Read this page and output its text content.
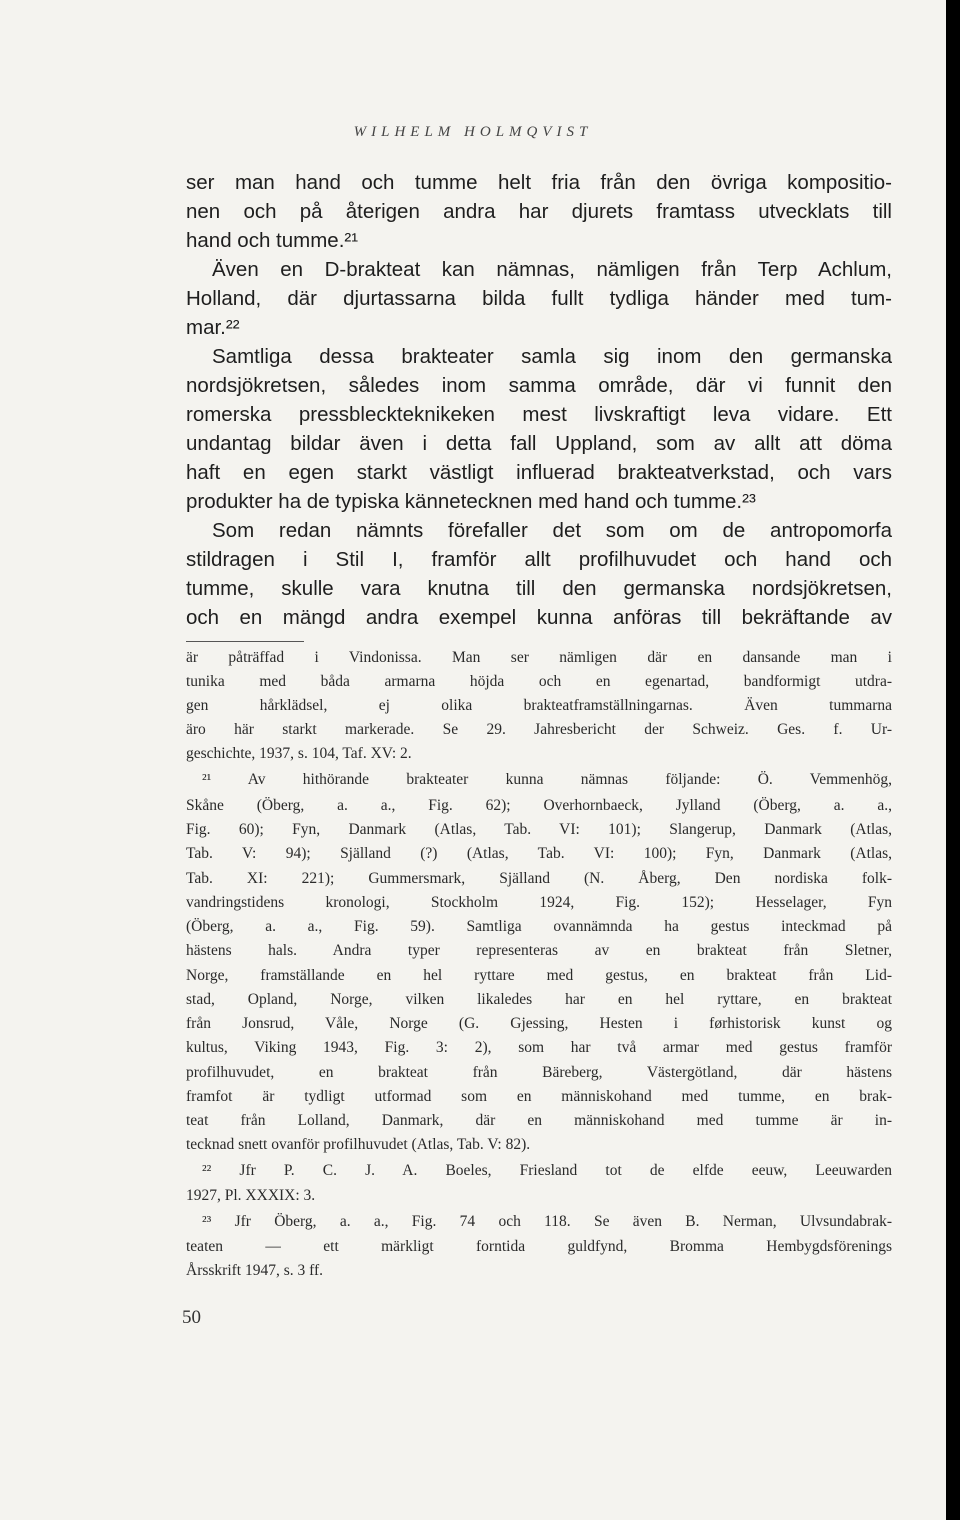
WILHELM HOLMQVIST
ser man hand och tumme helt fria från den övriga kompositio-
nen och på återigen andra har djurets framtass utvecklats till
hand och tumme.²¹
Även en D-brakteat kan nämnas, nämligen från Terp Achlum,
Holland, där djurtassarna bilda fullt tydliga händer med tum-
mar.²²
Samtliga dessa brakteater samla sig inom den germanska
nordsjökretsen, således inom samma område, där vi funnit den
romerska pressbleckteknikeken mest livskraftigt leva vidare. Ett
undantag bildar även i detta fall Uppland, som av allt att döma
haft en egen starkt västligt influerad brakteatverkstad, och vars
produkter ha de typiska kännetecknen med hand och tumme.²³
Som redan nämnts förefaller det som om de antropomorfa
stildragen i Stil I, framför allt profilhuvudet och hand och
tumme, skulle vara knutna till den germanska nordsjökretsen,
och en mängd andra exempel kunna anföras till bekräftande av
är påträffad i Vindonissa. Man ser nämligen där en dansande man i
tunika med båda armarna höjda och en egenartad, bandformigt utdra-
gen hårklädsel, ej olika brakteatframställningarnas. Även tummarna
äro här starkt markerade. Se 29. Jahresbericht der Schweiz. Ges. f. Ur-
geschichte, 1937, s. 104, Taf. XV: 2.
²¹ Av hithörande brakteater kunna nämnas följande: Ö. Vemmenhög,
Skåne (Öberg, a. a., Fig. 62); Overhornbaeck, Jylland (Öberg, a. a.,
Fig. 60); Fyn, Danmark (Atlas, Tab. VI: 101); Slangerup, Danmark (Atlas,
Tab. V: 94); Själland (?) (Atlas, Tab. VI: 100); Fyn, Danmark (Atlas,
Tab. XI: 221); Gummersmark, Själland (N. Åberg, Den nordiska folk-
vandringstidens kronologi, Stockholm 1924, Fig. 152); Hesselager, Fyn
(Öberg, a. a., Fig. 59). Samtliga ovannämnda ha gestus inteckmad på
hästens hals. Andra typer representeras av en brakteat från Sletner,
Norge, framställande en hel ryttare med gestus, en brakteat från Lid-
stad, Opland, Norge, vilken likaledes har en hel ryttare, en brakteat
från Jonsrud, Våle, Norge (G. Gjessing, Hesten i førhistorisk kunst og
kultus, Viking 1943, Fig. 3: 2), som har två armar med gestus framför
profilhuvudet, en brakteat från Bäreberg, Västergötland, där hästens
framfot är tydligt utformad som en människohand med tumme, en brak-
teat från Lolland, Danmark, där en människohand med tumme är in-
tecknad snett ovanför profilhuvudet (Atlas, Tab. V: 82).
²² Jfr P. C. J. A. Boeles, Friesland tot de elfde eeuw, Leeuwarden
1927, Pl. XXXIX: 3.
²³ Jfr Öberg, a. a., Fig. 74 och 118. Se även B. Nerman, Ulvsundabrak-
teaten — ett märkligt forntida guldfynd, Bromma Hembygdsförenings
Årsskrift 1947, s. 3 ff.
50
